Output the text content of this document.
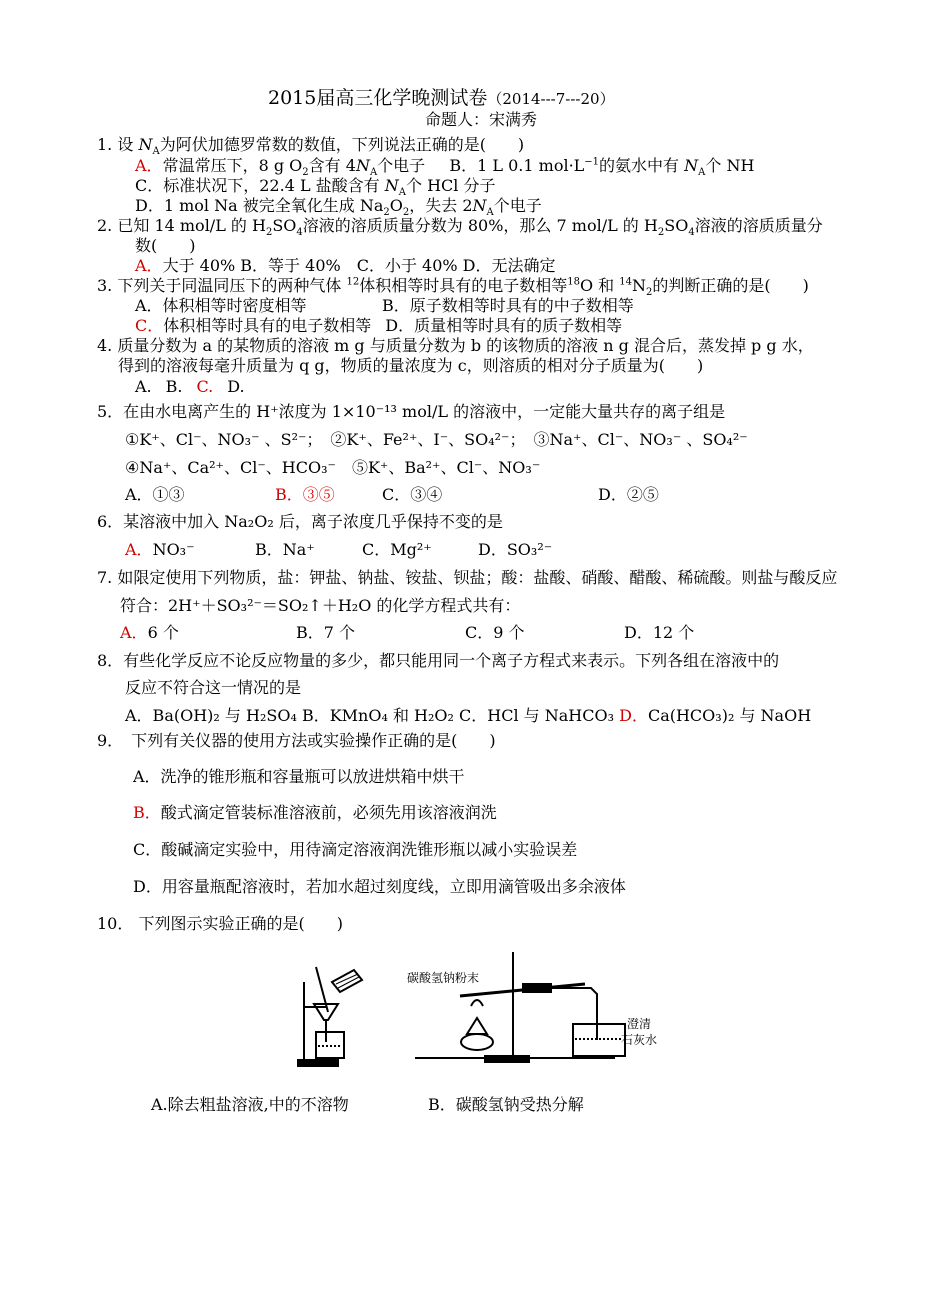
2015届高三化学晚测试卷（2014---7---20）
命题人：宋满秀
1. 设 $N_A$为阿伏加德罗常数的数值，下列说法正确的是(　　)
A．常温常压下，8 g $O_2$含有 $4N_A$个电子 B．1 L 0.1 $mol\cdot L^{-1}$的氨水中有 $N_A$个 NH
C．标准状况下，22.4 L 盐酸含有 $N_A$个 HCl 分子
D．1 mol Na 被完全氧化生成 $Na_2O_2$，失去 $2N_A$个电子
2. 已知 14 mol/L 的 $H_2SO_4$溶液的溶质质量分数为 80%，那么 7 mol/L 的 $H_2SO_4$溶液的溶质质量分
数(　　)
A．大于 40% B．等于 40%　C．小于 40% D．无法确定
3. 下列关于同温同压下的两种气体 $^{12}$体积相等时具有的电子数相等$^{18}$O 和 $^{14}N_2$的判断正确的是(　　)
A．体积相等时密度相等	B．原子数相等时具有的中子数相等
C．体积相等时具有的电子数相等 D．质量相等时具有的质子数相等
4. 质量分数为 a 的某物质的溶液 m g 与质量分数为 b 的该物质的溶液 n g 混合后，蒸发掉 p g 水，
得到的溶液每毫升质量为 q g，物质的量浓度为 c，则溶质的相对分子质量为(　　)
A. B. C. D.
5．在由水电离产生的 H⁺浓度为 1×10⁻¹³ mol/L 的溶液中，一定能大量共存的离子组是
①K⁺、Cl⁻、NO₃⁻ 、S²⁻；　②K⁺、Fe²⁺、I⁻、SO₄²⁻；　③Na⁺、Cl⁻、NO₃⁻ 、SO₄²⁻
④Na⁺、Ca²⁺、Cl⁻、HCO₃⁻　⑤K⁺、Ba²⁺、Cl⁻、NO₃⁻
A．①③	B．③⑤	C．③④	D．②⑤
6．某溶液中加入 Na₂O₂ 后，离子浓度几乎保持不变的是
A．NO₃⁻	B．Na⁺	C．Mg²⁺	D．SO₃²⁻
7. 如限定使用下列物质，盐：钾盐、钠盐、铵盐、钡盐；酸：盐酸、硝酸、醋酸、稀硫酸。则盐与酸反应
符合：2H⁺＋SO₃²⁻＝SO₂↑＋H₂O 的化学方程式共有：
A．6 个	B．7 个	C．9 个	D．12 个
8．有些化学反应不论反应物量的多少，都只能用同一个离子方程式来表示。下列各组在溶液中的
反应不符合这一情况的是
A．Ba(OH)₂ 与 H₂SO₄ B．KMnO₄ 和 H₂O₂ C．HCl 与 NaHCO₃ D．Ca(HCO₃)₂ 与 NaOH
9．　下列有关仪器的使用方法或实验操作正确的是(　　)
A．洗净的锥形瓶和容量瓶可以放进烘箱中烘干
B．酸式滴定管装标准溶液前，必须先用该溶液润洗
C．酸碱滴定实验中，用待滴定溶液润洗锥形瓶以减小实验误差
D．用容量瓶配溶液时，若加水超过刻度线，立即用滴管吸出多余液体
10． 下列图示实验正确的是(　　)
碳酸氢钠粉末
澄清
石灰水
A.除去粗盐溶液,中的不溶物	B．碳酸氢钠受热分解
